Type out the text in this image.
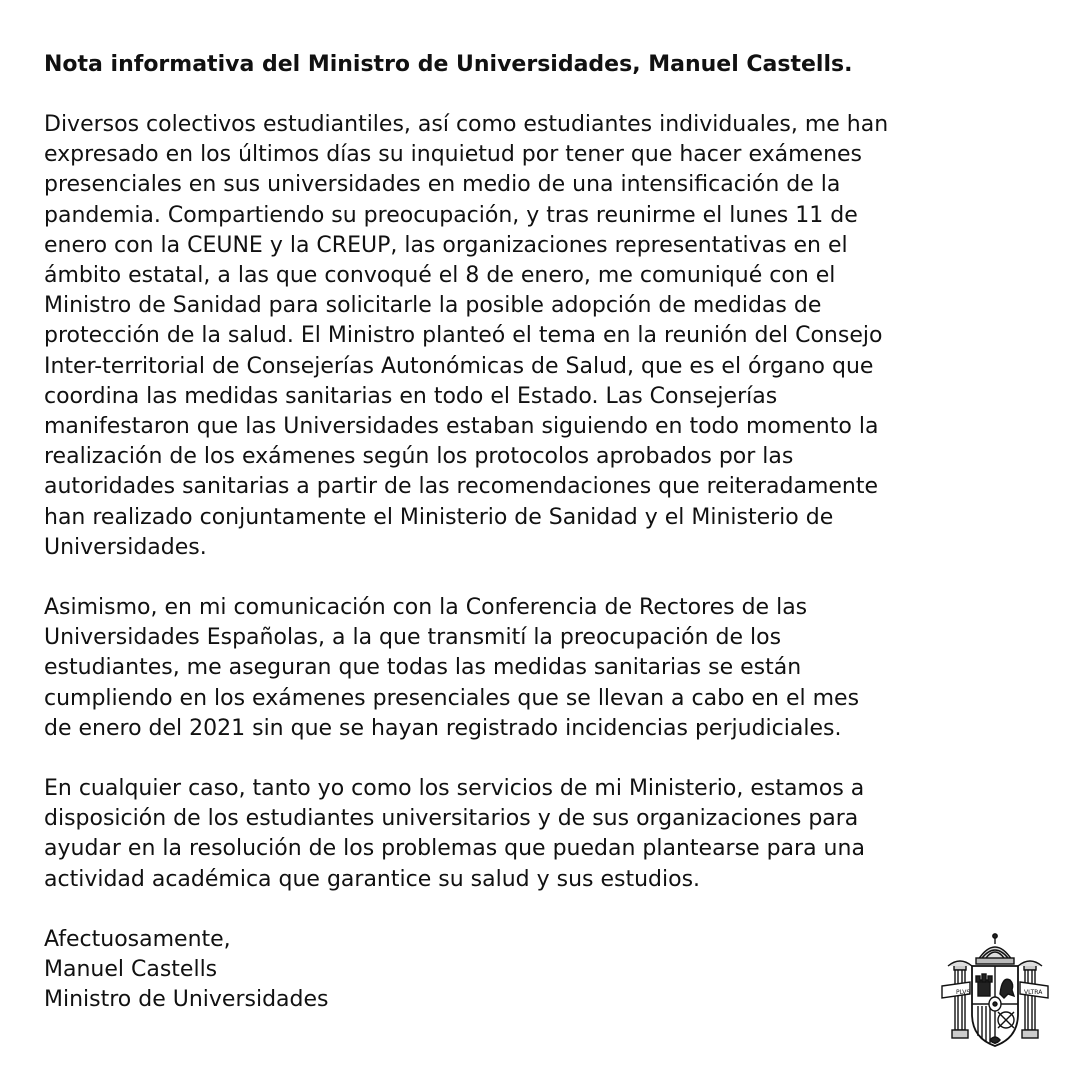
Nota informativa del Ministro de Universidades, Manuel Castells.
Diversos colectivos estudiantiles, así como estudiantes individuales, me han
expresado en los últimos días su inquietud por tener que hacer exámenes
presenciales en sus universidades en medio de una intensificación de la
pandemia. Compartiendo su preocupación, y tras reunirme el lunes 11 de
enero con la CEUNE y la CREUP, las organizaciones representativas en el
ámbito estatal, a las que convoqué el 8 de enero, me comuniqué con el
Ministro de Sanidad para solicitarle la posible adopción de medidas de
protección de la salud. El Ministro planteó el tema en la reunión del Consejo
Inter-territorial de Consejerías Autonómicas de Salud, que es el órgano que
coordina las medidas sanitarias en todo el Estado. Las Consejerías
manifestaron que las Universidades estaban siguiendo en todo momento la
realización de los exámenes según los protocolos aprobados por las
autoridades sanitarias a partir de las recomendaciones que reiteradamente
han realizado conjuntamente el Ministerio de Sanidad y el Ministerio de
Universidades.
Asimismo, en mi comunicación con la Conferencia de Rectores de las
Universidades Españolas, a la que transmití la preocupación de los
estudiantes, me aseguran que todas las medidas sanitarias se están
cumpliendo en los exámenes presenciales que se llevan a cabo en el mes
de enero del 2021 sin que se hayan registrado incidencias perjudiciales.
En cualquier caso, tanto yo como los servicios de mi Ministerio, estamos a
disposición de los estudiantes universitarios y de sus organizaciones para
ayudar en la resolución de los problemas que puedan plantearse para una
actividad académica que garantice su salud y sus estudios.
Afectuosamente,
Manuel Castells
Ministro de Universidades	PLVS	VLTRA
